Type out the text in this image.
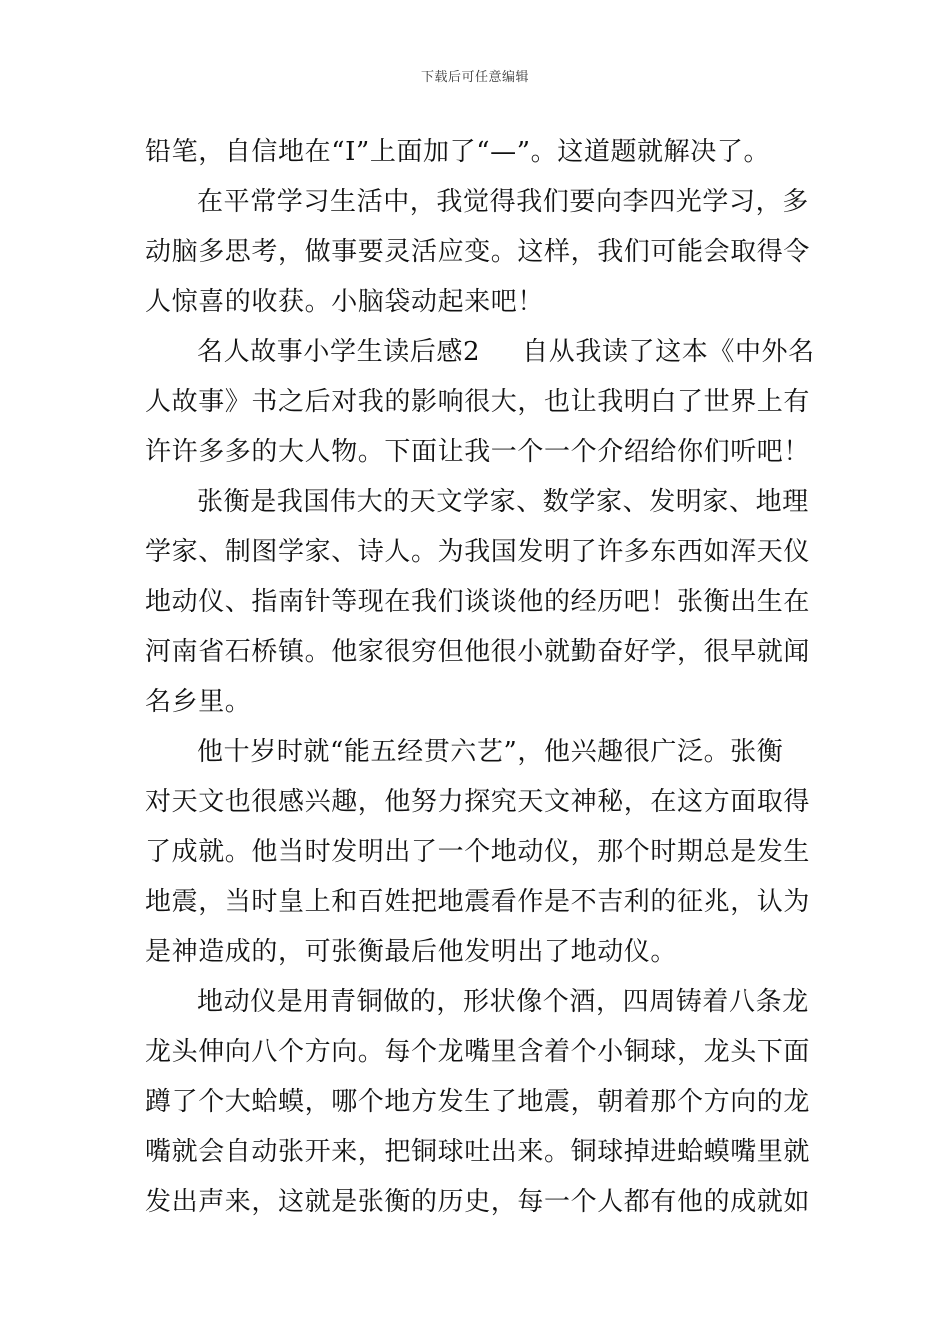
下载后可任意编辑
铅笔，自信地在“I”上面加了“—”。这道题就解决了。
在平常学习生活中，我觉得我们要向李四光学习，多
动脑多思考，做事要灵活应变。这样，我们可能会取得令
人惊喜的收获。小脑袋动起来吧！
名人故事小学生读后感2 自从我读了这本《中外名
人故事》书之后对我的影响很大，也让我明白了世界上有
许许多多的大人物。下面让我一个一个介绍给你们听吧！
张衡是我国伟大的天文学家、数学家、发明家、地理
学家、制图学家、诗人。为我国发明了许多东西如浑天仪
地动仪、指南针等现在我们谈谈他的经历吧！张衡出生在
河南省石桥镇。他家很穷但他很小就勤奋好学，很早就闻
名乡里。
他十岁时就“能五经贯六艺”，他兴趣很广泛。张衡
对天文也很感兴趣，他努力探究天文神秘，在这方面取得
了成就。他当时发明出了一个地动仪，那个时期总是发生
地震，当时皇上和百姓把地震看作是不吉利的征兆，认为
是神造成的，可张衡最后他发明出了地动仪。
地动仪是用青铜做的，形状像个酒，四周铸着八条龙
龙头伸向八个方向。每个龙嘴里含着个小铜球，龙头下面
蹲了个大蛤蟆，哪个地方发生了地震，朝着那个方向的龙
嘴就会自动张开来，把铜球吐出来。铜球掉进蛤蟆嘴里就
发出声来，这就是张衡的历史，每一个人都有他的成就如
